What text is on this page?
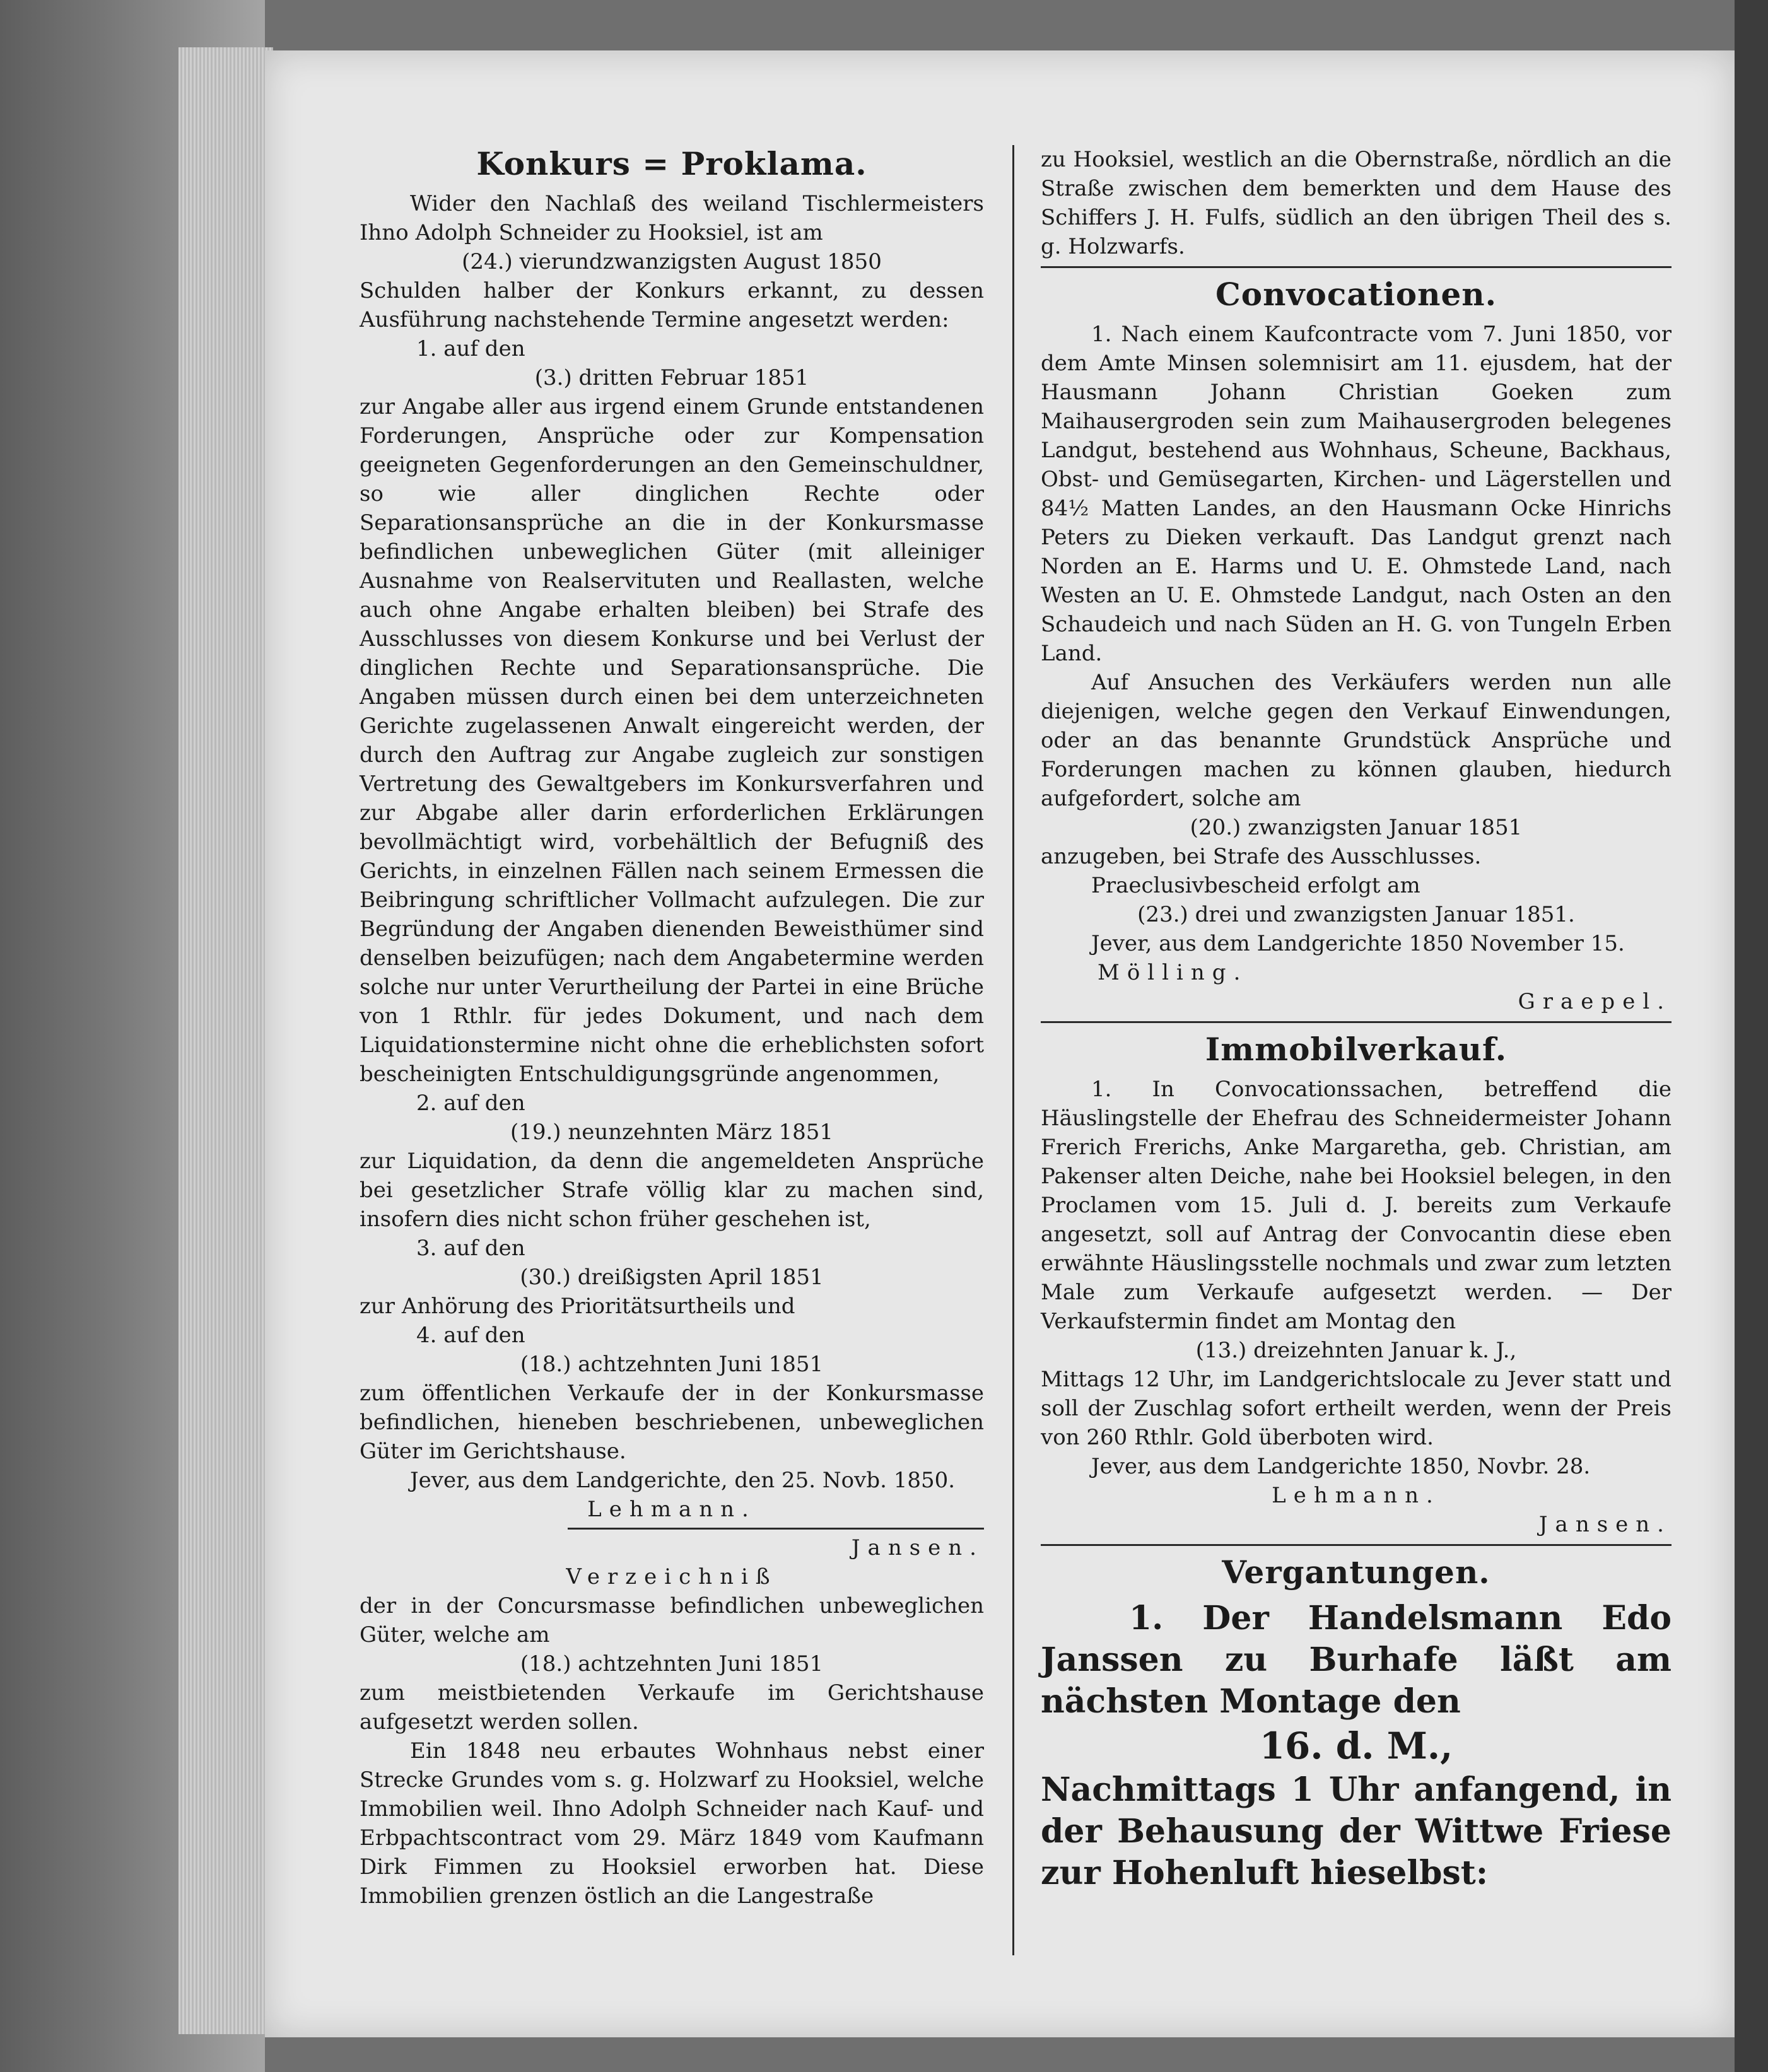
Konkurs = Proklama.

Wider den Nachlaß des weiland Tischlermeisters Ihno Adolph Schneider zu Hooksiel, ist am

(24.) vierundzwanzigsten August 1850

Schulden halber der Konkurs erkannt, zu dessen Ausführung nachstehende Termine angesetzt werden:

1. auf den

(3.) dritten Februar 1851

zur Angabe aller aus irgend einem Grunde entstandenen Forderungen, Ansprüche oder zur Kompensation geeigneten Gegenforderungen an den Gemeinschuldner, so wie aller dinglichen Rechte oder Separationsansprüche an die in der Konkursmasse befindlichen unbeweglichen Güter (mit alleiniger Ausnahme von Realservituten und Reallasten, welche auch ohne Angabe erhalten bleiben) bei Strafe des Ausschlusses von diesem Konkurse und bei Verlust der dinglichen Rechte und Separationsansprüche. Die Angaben müssen durch einen bei dem unterzeichneten Gerichte zugelassenen Anwalt eingereicht werden, der durch den Auftrag zur Angabe zugleich zur sonstigen Vertretung des Gewaltgebers im Konkursverfahren und zur Abgabe aller darin erforderlichen Erklärungen bevollmächtigt wird, vorbehältlich der Befugniß des Gerichts, in einzelnen Fällen nach seinem Ermessen die Beibringung schriftlicher Vollmacht aufzulegen. Die zur Begründung der Angaben dienenden Beweisthümer sind denselben beizufügen; nach dem Angabetermine werden solche nur unter Verurtheilung der Partei in eine Brüche von 1 Rthlr. für jedes Dokument, und nach dem Liquidationstermine nicht ohne die erheblichsten sofort bescheinigten Entschuldigungsgründe angenommen,

2. auf den

(19.) neunzehnten März 1851

zur Liquidation, da denn die angemeldeten Ansprüche bei gesetzlicher Strafe völlig klar zu machen sind, insofern dies nicht schon früher geschehen ist,

3. auf den

(30.) dreißigsten April 1851

zur Anhörung des Prioritätsurtheils und

4. auf den

(18.) achtzehnten Juni 1851

zum öffentlichen Verkaufe der in der Konkursmasse befindlichen, hieneben beschriebenen, unbeweglichen Güter im Gerichtshause.

Jever, aus dem Landgerichte, den 25. Novb. 1850.

Lehmann.

Jansen.

Verzeichniß

der in der Concursmasse befindlichen unbeweglichen Güter, welche am

(18.) achtzehnten Juni 1851

zum meistbietenden Verkaufe im Gerichtshause aufgesetzt werden sollen.

Ein 1848 neu erbautes Wohnhaus nebst einer Strecke Grundes vom s. g. Holzwarf zu Hooksiel, welche Immobilien weil. Ihno Adolph Schneider nach Kauf- und Erbpachtscontract vom 29. März 1849 vom Kaufmann Dirk Fimmen zu Hooksiel erworben hat. Diese Immobilien grenzen östlich an die Langestraße

zu Hooksiel, westlich an die Obernstraße, nördlich an die Straße zwischen dem bemerkten und dem Hause des Schiffers J. H. Fulfs, südlich an den übrigen Theil des s. g. Holzwarfs.

Convocationen.

1. Nach einem Kaufcontracte vom 7. Juni 1850, vor dem Amte Minsen solemnisirt am 11. ejusdem, hat der Hausmann Johann Christian Goeken zum Maihausergroden sein zum Maihausergroden belegenes Landgut, bestehend aus Wohnhaus, Scheune, Backhaus, Obst- und Gemüsegarten, Kirchen- und Lägerstellen und 84½ Matten Landes, an den Hausmann Ocke Hinrichs Peters zu Dieken verkauft. Das Landgut grenzt nach Norden an E. Harms und U. E. Ohmstede Land, nach Westen an U. E. Ohmstede Landgut, nach Osten an den Schaudeich und nach Süden an H. G. von Tungeln Erben Land.

Auf Ansuchen des Verkäufers werden nun alle diejenigen, welche gegen den Verkauf Einwendungen, oder an das benannte Grundstück Ansprüche und Forderungen machen zu können glauben, hiedurch aufgefordert, solche am

(20.) zwanzigsten Januar 1851

anzugeben, bei Strafe des Ausschlusses.

Praeclusivbescheid erfolgt am

(23.) drei und zwanzigsten Januar 1851.

Jever, aus dem Landgerichte 1850 November 15.

Mölling.

Graepel.

Immobilverkauf.

1. In Convocationssachen, betreffend die Häuslingstelle der Ehefrau des Schneidermeister Johann Frerich Frerichs, Anke Margaretha, geb. Christian, am Pakenser alten Deiche, nahe bei Hooksiel belegen, in den Proclamen vom 15. Juli d. J. bereits zum Verkaufe angesetzt, soll auf Antrag der Convocantin diese eben erwähnte Häuslingsstelle nochmals und zwar zum letzten Male zum Verkaufe aufgesetzt werden. — Der Verkaufstermin findet am Montag den

(13.) dreizehnten Januar k. J.,

Mittags 12 Uhr, im Landgerichtslocale zu Jever statt und soll der Zuschlag sofort ertheilt werden, wenn der Preis von 260 Rthlr. Gold überboten wird.

Jever, aus dem Landgerichte 1850, Novbr. 28.

Lehmann.

Jansen.

Vergantungen.

1. Der Handelsmann Edo Janssen zu Burhafe läßt am nächsten Montage den

16. d. M.,

Nachmittags 1 Uhr anfangend, in der Behausung der Wittwe Friese zur Hohenluft hieselbst:
